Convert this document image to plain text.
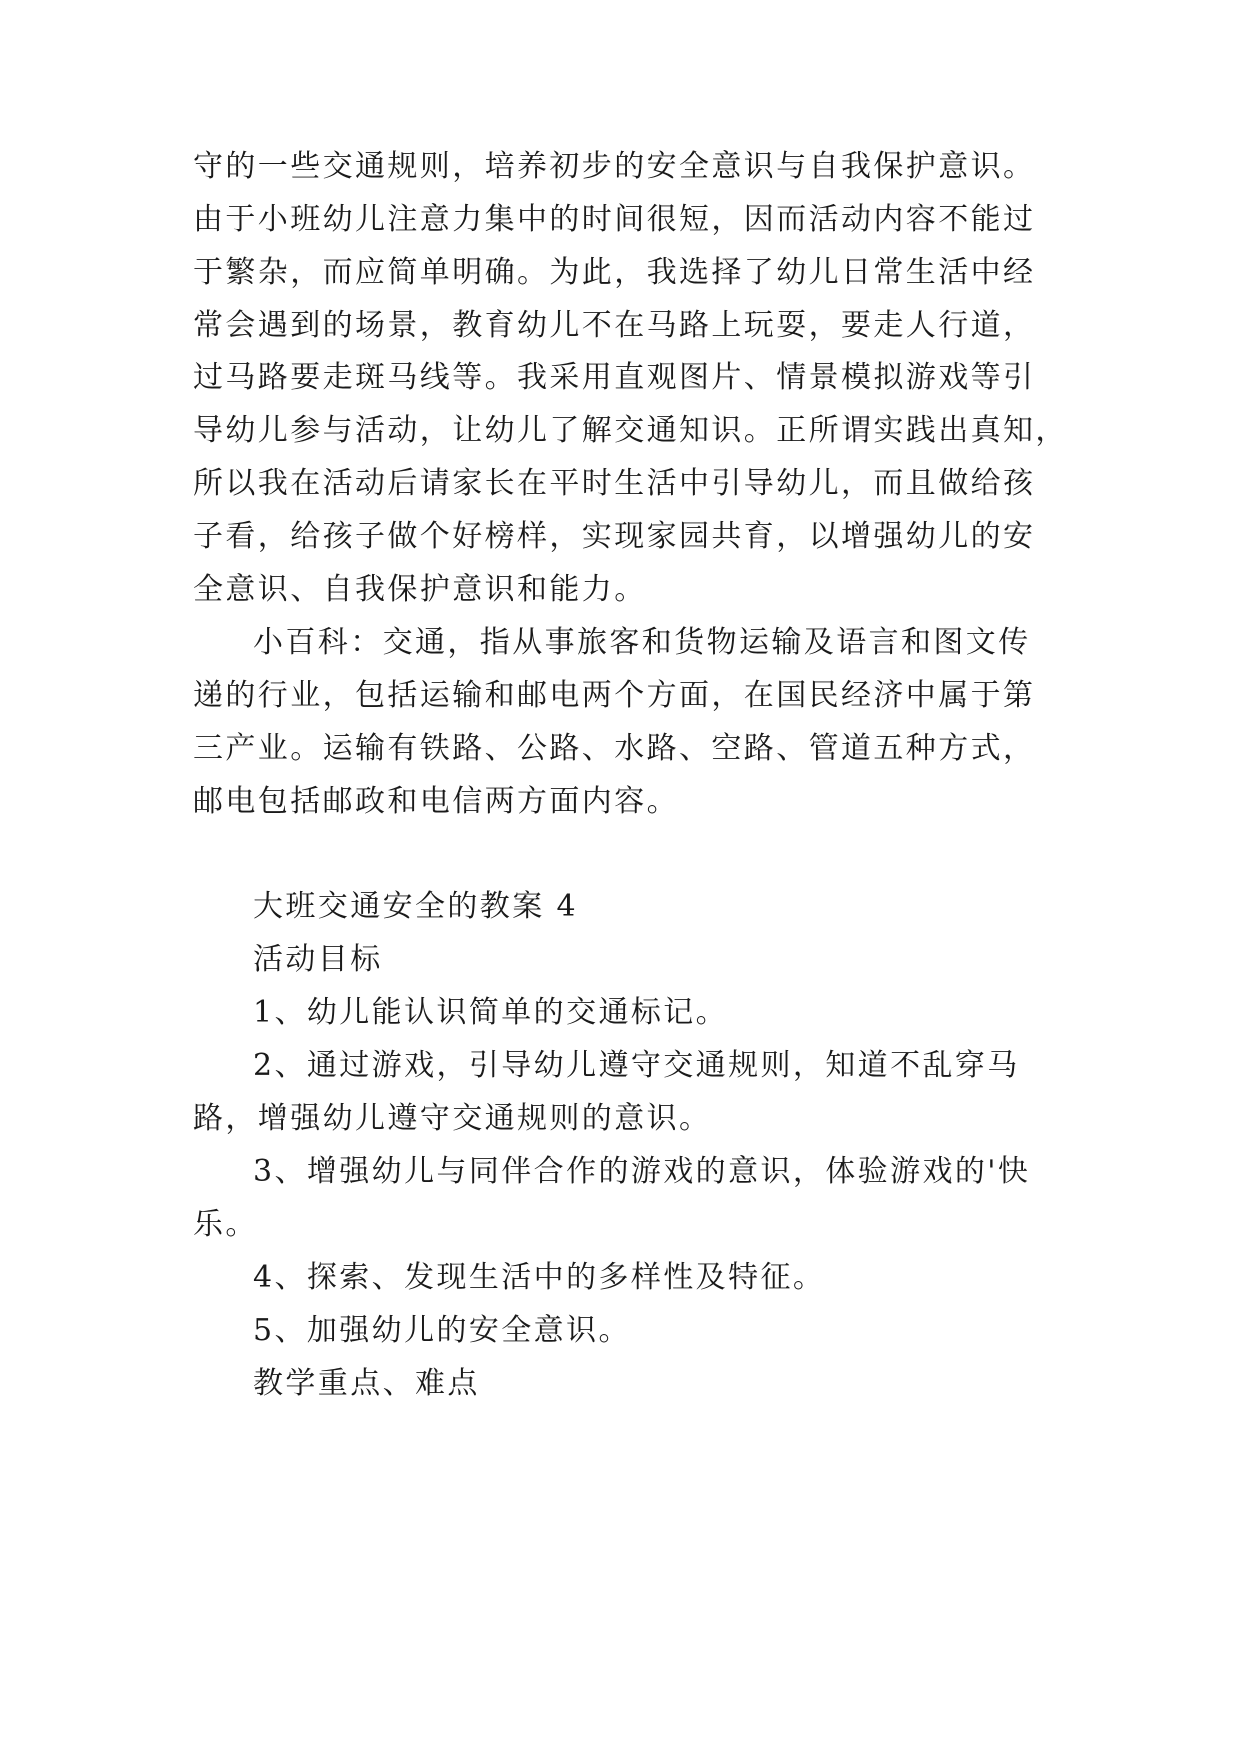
守的一些交通规则，培养初步的安全意识与自我保护意识。
由于小班幼儿注意力集中的时间很短，因而活动内容不能过
于繁杂，而应简单明确。为此，我选择了幼儿日常生活中经
常会遇到的场景，教育幼儿不在马路上玩耍，要走人行道，
过马路要走斑马线等。我采用直观图片、情景模拟游戏等引
导幼儿参与活动，让幼儿了解交通知识。正所谓实践出真知，
所以我在活动后请家长在平时生活中引导幼儿，而且做给孩
子看，给孩子做个好榜样，实现家园共育，以增强幼儿的安
全意识、自我保护意识和能力。
小百科：交通，指从事旅客和货物运输及语言和图文传
递的行业，包括运输和邮电两个方面，在国民经济中属于第
三产业。运输有铁路、公路、水路、空路、管道五种方式，
邮电包括邮政和电信两方面内容。
大班交通安全的教案 4
活动目标
1、幼儿能认识简单的交通标记。
2、通过游戏，引导幼儿遵守交通规则，知道不乱穿马
路，增强幼儿遵守交通规则的意识。
3、增强幼儿与同伴合作的游戏的意识，体验游戏的'快
乐。
4、探索、发现生活中的多样性及特征。
5、加强幼儿的安全意识。
教学重点、难点
